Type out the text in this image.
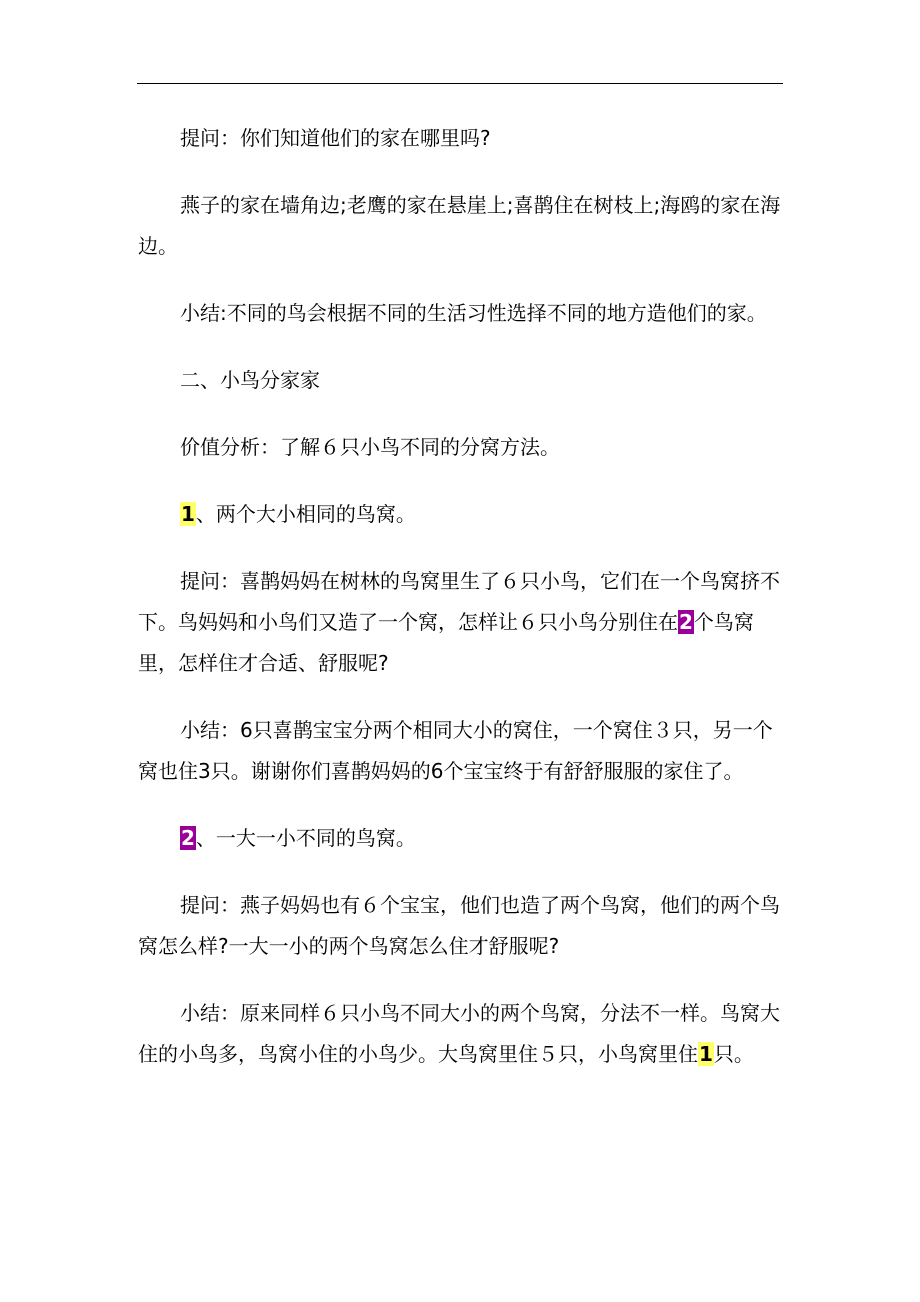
提问：你们知道他们的家在哪里吗?

燕子的家在墙角边;老鹰的家在悬崖上;喜鹊住在树枝上;海鸥的家在海边。

小结:不同的鸟会根据不同的生活习性选择不同的地方造他们的家。

二、小鸟分家家

价值分析：了解６只小鸟不同的分窝方法。

1、两个大小相同的鸟窝。

提问：喜鹊妈妈在树林的鸟窝里生了６只小鸟，它们在一个鸟窝挤不下。鸟妈妈和小鸟们又造了一个窝，怎样让６只小鸟分别住在2个鸟窝里，怎样住才合适、舒服呢?

小结：6只喜鹊宝宝分两个相同大小的窝住，一个窝住３只，另一个窝也住3只。谢谢你们喜鹊妈妈的6个宝宝终于有舒舒服服的家住了。

2、一大一小不同的鸟窝。

提问：燕子妈妈也有６个宝宝，他们也造了两个鸟窝，他们的两个鸟窝怎么样?一大一小的两个鸟窝怎么住才舒服呢?

小结：原来同样６只小鸟不同大小的两个鸟窝，分法不一样。鸟窝大住的小鸟多，鸟窝小住的小鸟少。大鸟窝里住５只，小鸟窝里住1只。
